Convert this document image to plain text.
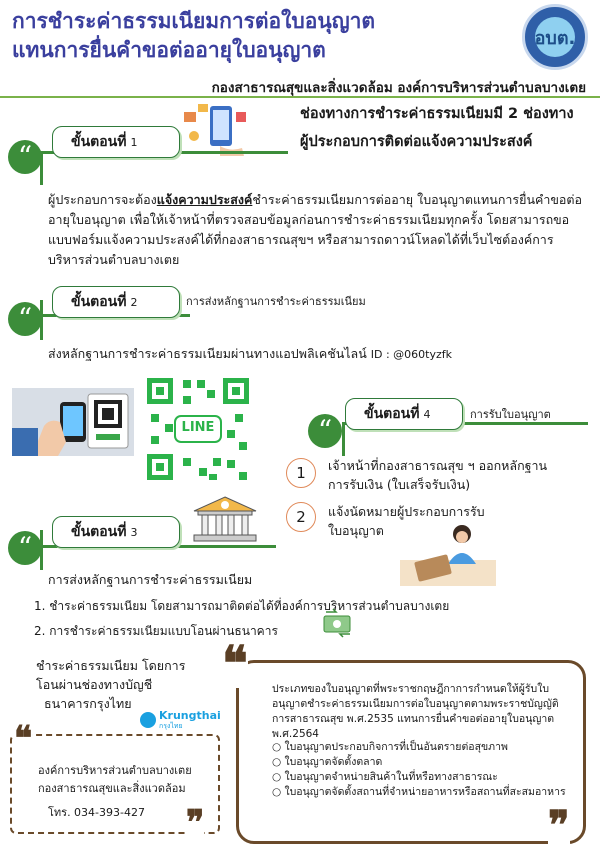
การชำระค่าธรรมเนียมการต่อใบอนุญาต
แทนการยื่นคำขอต่ออายุใบอนุญาต	อบต.
กองสาธารณสุขและสิ่งแวดล้อม องค์การบริหารส่วนตำบลบางเตย
ช่องทางการชำระค่าธรรมเนียมมี 2 ช่องทาง
ผู้ประกอบการติดต่อแจ้งความประสงค์
“	ขั้นตอนที่ 1
ผู้ประกอบการจะต้องแจ้งความประสงค์ชำระค่าธรรมเนียมการต่ออายุ ใบอนุญาตแทนการยื่นคำขอต่ออายุใบอนุญาต เพื่อให้เจ้าหน้าที่ตรวจสอบข้อมูลก่อนการชำระค่าธรรมเนียมทุกครั้ง โดยสามารถขอแบบฟอร์มแจ้งความประสงค์ได้ที่กองสาธารณสุขฯ หรือสามารถดาวน์โหลดได้ที่เว็บไซต์องค์การบริหารส่วนตำบลบางเตย
“	ขั้นตอนที่ 2	การส่งหลักฐานการชำระค่าธรรมเนียม
ส่งหลักฐานการชำระค่าธรรมเนียมผ่านทางแอปพลิเคชันไลน์ ID : @060tyzfk
LINE	“	ขั้นตอนที่ 4	การรับใบอนุญาต
1	เจ้าหน้าที่กองสาธารณสุข ฯ ออกหลักฐาน
การรับเงิน (ใบเสร็จรับเงิน)
2	แจ้งนัดหมายผู้ประกอบการรับ
ใบอนุญาต
“	ขั้นตอนที่ 3
การส่งหลักฐานการชำระค่าธรรมเนียม
1. ชำระค่าธรรมเนียม โดยสามารถมาติดต่อได้ที่องค์การบริหารส่วนตำบลบางเตย
2. การชำระค่าธรรมเนียมแบบโอนผ่านธนาคาร
ชำระค่าธรรมเนียม โดยการ
โอนผ่านช่องทางบัญชี
ธนาคารกรุงไทย
Krungthai
กรุงไทย
❝
❞
องค์การบริหารส่วนตำบลบางเตย
กองสาธารณสุขและสิ่งแวดล้อม
โทร. 034-393-427
❝
❞
ประเภทของใบอนุญาตที่พระราชกฤษฎีกาการกำหนดให้ผู้รับใบอนุญาตชำระค่าธรรมเนียมการต่อใบอนุญาตตามพระราชบัญญัติการสาธารณสุข พ.ศ.2535 แทนการยื่นคำขอต่ออายุใบอนุญาต พ.ศ.2564
○ ใบอนุญาตประกอบกิจการที่เป็นอันตรายต่อสุขภาพ
○ ใบอนุญาตจัดตั้งตลาด
○ ใบอนุญาตจำหน่ายสินค้าในที่หรือทางสาธารณะ
○ ใบอนุญาตจัดตั้งสถานที่จำหน่ายอาหารหรือสถานที่สะสมอาหาร
